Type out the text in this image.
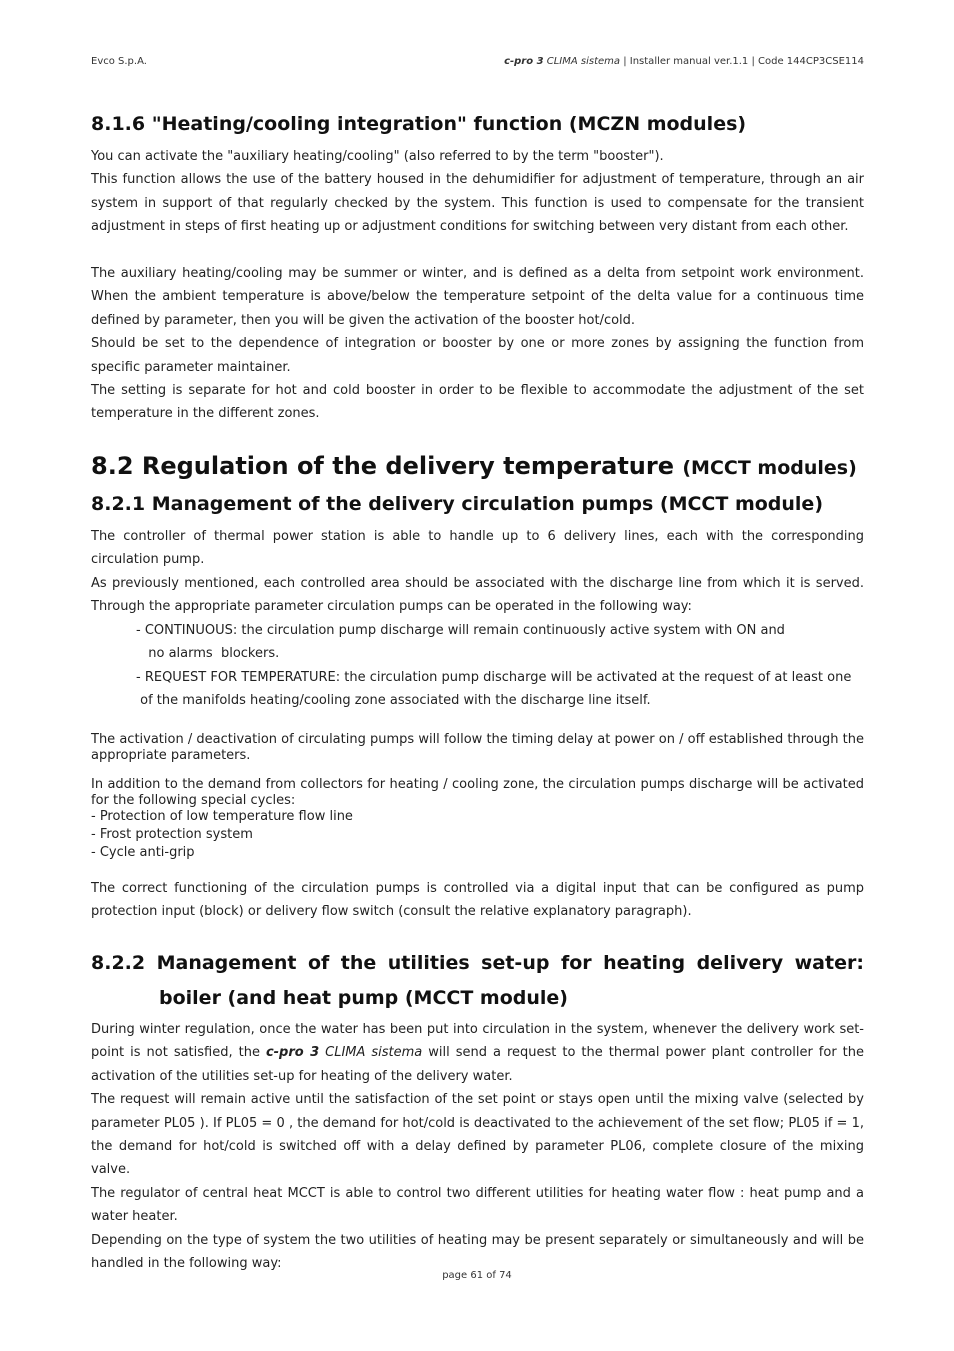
Evco S.p.A.	c-pro 3 CLIMA sistema | Installer manual ver.1.1 | Code 144CP3CSE114
8.1.6 "Heating/cooling integration" function (MCZN modules)

You can activate the "auxiliary heating/cooling" (also referred to by the term "booster").

This function allows the use of the battery housed in the dehumidifier for adjustment of temperature, through an air system in support of that regularly checked by the system. This function is used to compensate for the transient adjustment in steps of first heating up or adjustment conditions for switching between very distant from each other.

The auxiliary heating/cooling may be summer or winter, and is defined as a delta from setpoint work environment. When the ambient temperature is above/below the temperature setpoint of the delta value for a continuous time defined by parameter, then you will be given the activation of the booster hot/cold.

Should be set to the dependence of integration or booster by one or more zones by assigning the function from specific parameter maintainer.

The setting is separate for hot and cold booster in order to be flexible to accommodate the adjustment of the set temperature in the different zones.

8.2 Regulation of the delivery temperature (MCCT modules)
8.2.1 Management of the delivery circulation pumps (MCCT module)

The controller of thermal power station is able to handle up to 6 delivery lines, each with the corresponding circulation pump.

As previously mentioned, each controlled area should be associated with the discharge line from which it is served. Through the appropriate parameter circulation pumps can be operated in the following way:

- CONTINUOUS: the circulation pump discharge will remain continuously active system with ON and

no alarms  blockers.

- REQUEST FOR TEMPERATURE: the circulation pump discharge will be activated at the request of at least one

of the manifolds heating/cooling zone associated with the discharge line itself.

The activation / deactivation of circulating pumps will follow the timing delay at power on / off established through the appropriate parameters.

In addition to the demand from collectors for heating / cooling zone, the circulation pumps discharge will be activated for the following special cycles:

- Protection of low temperature flow line

- Frost protection system

- Cycle anti-grip

The correct functioning of the circulation pumps is controlled via a digital input that can be configured as pump protection input (block) or delivery flow switch (consult the relative explanatory paragraph).

8.2.2 Management of the utilities set-up for heating delivery water:
boiler (and heat pump (MCCT module)

During winter regulation, once the water has been put into circulation in the system, whenever the delivery work set-point is not satisfied, the c-pro 3 CLIMA sistema will send a request to the thermal power plant controller for the activation of the utilities set-up for heating of the delivery water.

The request will remain active until the satisfaction of the set point or stays open until the mixing valve (selected by parameter PL05 ). If PL05 = 0 , the demand for hot/cold is deactivated to the achievement of the set flow; PL05 if = 1, the demand for hot/cold is switched off with a delay defined by parameter PL06, complete closure of the mixing valve.

The regulator of central heat MCCT is able to control two different utilities for heating water flow : heat pump and a water heater.

Depending on the type of system the two utilities of heating may be present separately or simultaneously and will be handled in the following way:

page 61 of 74
